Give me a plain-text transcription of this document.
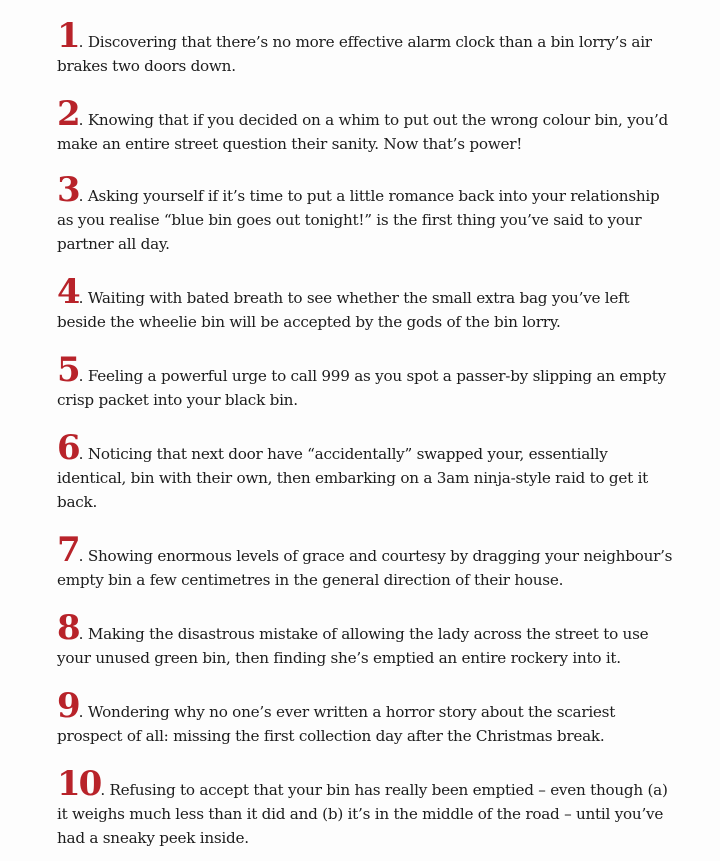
1. Discovering that there’s no more effective alarm clock than a bin lorry’s air brakes two doors down.
2. Knowing that if you decided on a whim to put out the wrong colour bin, you’d make an entire street question their sanity. Now that’s power!
3. Asking yourself if it’s time to put a little romance back into your relationship as you realise “blue bin goes out tonight!” is the first thing you’ve said to your partner all day.
4. Waiting with bated breath to see whether the small extra bag you’ve left beside the wheelie bin will be accepted by the gods of the bin lorry.
5. Feeling a powerful urge to call 999 as you spot a passer-by slipping an empty crisp packet into your black bin.
6. Noticing that next door have “accidentally” swapped your, essentially identical, bin with their own, then embarking on a 3am ninja-style raid to get it back.
7. Showing enormous levels of grace and courtesy by dragging your neighbour’s empty bin a few centimetres in the general direction of their house.
8. Making the disastrous mistake of allowing the lady across the street to use your unused green bin, then finding she’s emptied an entire rockery into it.
9. Wondering why no one’s ever written a horror story about the scariest prospect of all: missing the first collection day after the Christmas break.
10. Refusing to accept that your bin has really been emptied – even though (a) it weighs much less than it did and (b) it’s in the middle of the road – until you’ve had a sneaky peek inside.
